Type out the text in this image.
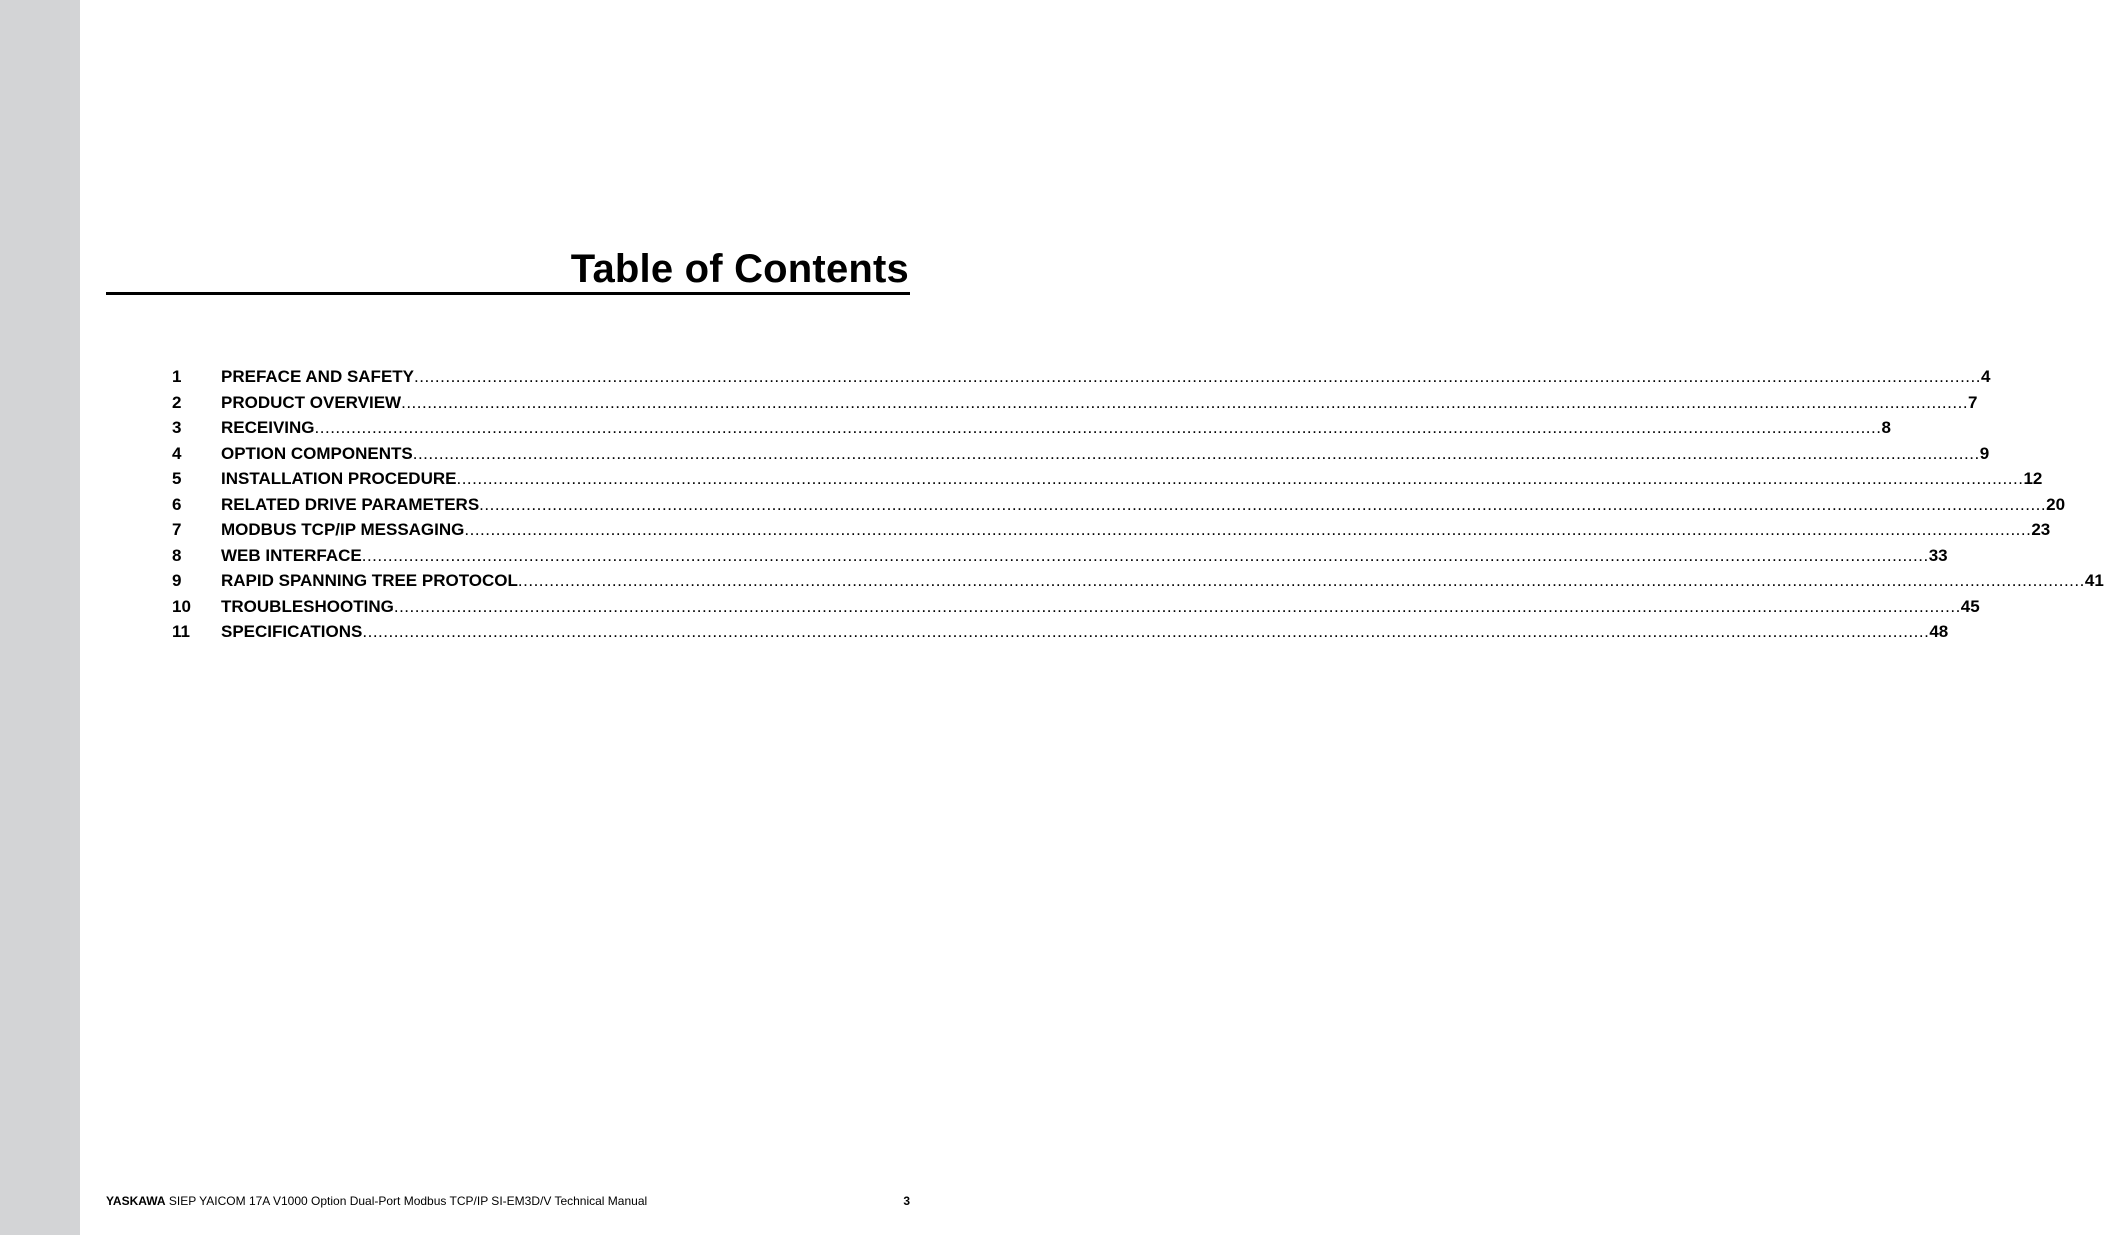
Table of Contents
1	PREFACE AND SAFETY ............................................................................................................................................................................................................................................................................................................ 4
2	PRODUCT OVERVIEW ............................................................................................................................................................................................................................................................................................................ 7
3	RECEIVING ............................................................................................................................................................................................................................................................................................................ 8
4	OPTION COMPONENTS ............................................................................................................................................................................................................................................................................................................ 9
5	INSTALLATION PROCEDURE ............................................................................................................................................................................................................................................................................................................ 12
6	RELATED DRIVE PARAMETERS ............................................................................................................................................................................................................................................................................................................ 20
7	MODBUS TCP/IP MESSAGING ............................................................................................................................................................................................................................................................................................................ 23
8	WEB INTERFACE ............................................................................................................................................................................................................................................................................................................ 33
9	RAPID SPANNING TREE PROTOCOL ............................................................................................................................................................................................................................................................................................................ 41
10	TROUBLESHOOTING ............................................................................................................................................................................................................................................................................................................ 45
11	SPECIFICATIONS ............................................................................................................................................................................................................................................................................................................ 48
YASKAWA SIEP YAICOM 17A V1000 Option Dual-Port Modbus TCP/IP SI-EM3D/V Technical Manual	3
